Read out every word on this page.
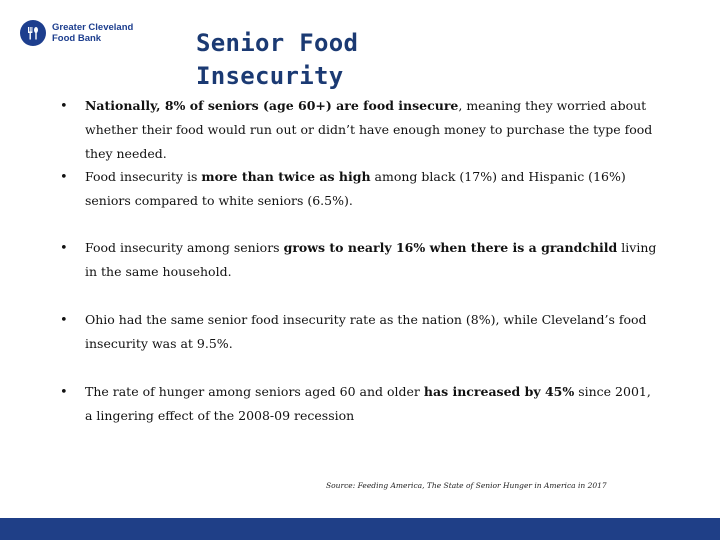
Greater Cleveland
Food Bank	Senior Food
Insecurity
• Nationally, 8% of seniors (age 60+) are food insecure, meaning they worried about whether their food would run out or didn’t have enough money to purchase the type food they needed.
• Food insecurity is more than twice as high among black (17%) and Hispanic (16%) seniors compared to white seniors (6.5%).
• Food insecurity among seniors grows to nearly 16% when there is a grandchild living in the same household.
• Ohio had the same senior food insecurity rate as the nation (8%), while Cleveland’s food insecurity was at 9.5%.
• The rate of hunger among seniors aged 60 and older has increased by 45% since 2001, a lingering effect of the 2008-09 recession
Source: Feeding America, The State of Senior Hunger in America in 2017
